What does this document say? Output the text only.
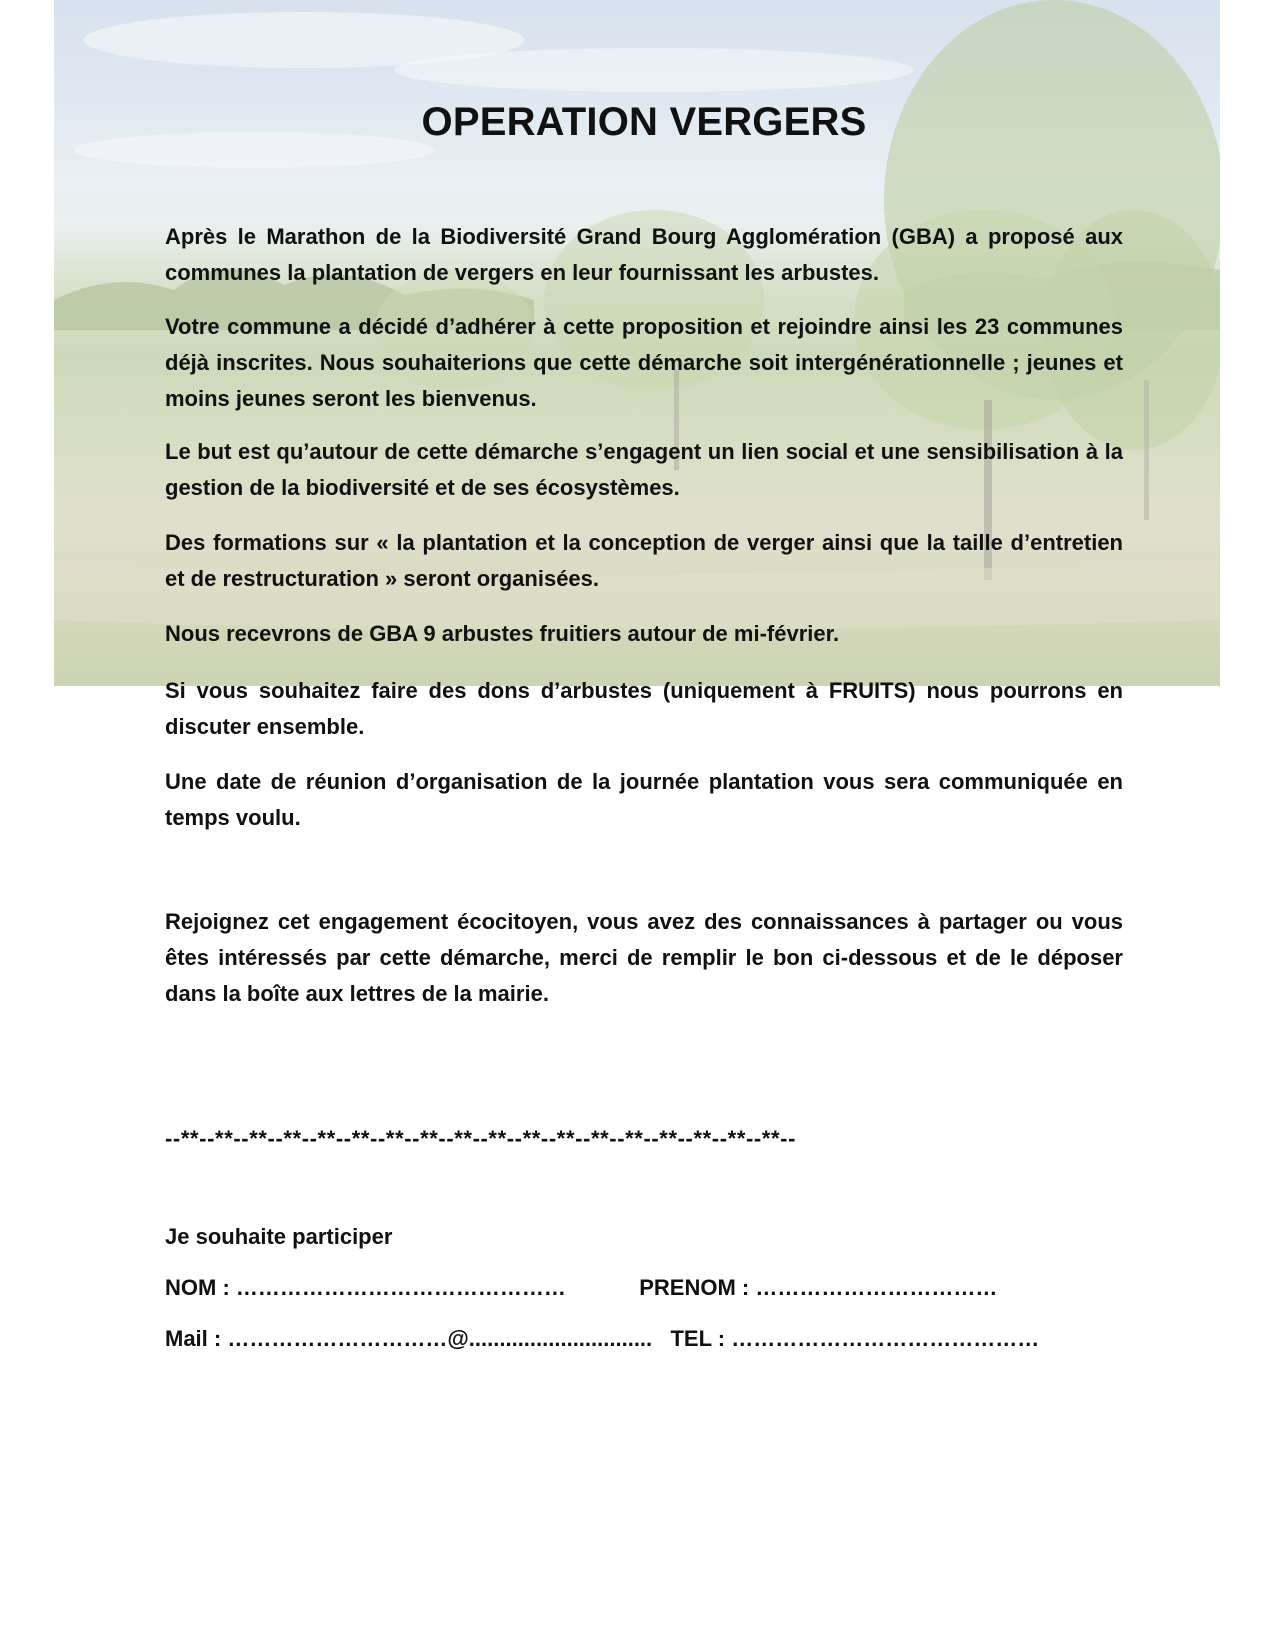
OPERATION VERGERS

Après le Marathon de la Biodiversité Grand Bourg Agglomération (GBA) a proposé aux communes la plantation de vergers en leur fournissant les arbustes.

Votre commune a décidé d’adhérer à cette proposition et rejoindre ainsi les 23 communes déjà inscrites. Nous souhaiterions que cette démarche soit intergénérationnelle ; jeunes et moins jeunes seront les bienvenus.

Le but est qu’autour de cette démarche s’engagent un lien social et une sensibilisation à la gestion de la biodiversité et de ses écosystèmes.

Des formations sur « la plantation et la conception de verger ainsi que la taille d’entretien et de restructuration » seront organisées.

Nous recevrons de GBA 9 arbustes fruitiers autour de mi-février.

Si vous souhaitez faire des dons d’arbustes (uniquement à FRUITS) nous pourrons en discuter ensemble.

Une date de réunion d’organisation de la journée plantation vous sera communiquée en temps voulu.

Rejoignez cet engagement écocitoyen, vous avez des connaissances à partager ou vous êtes intéressés par cette démarche, merci de remplir le bon ci-dessous et de le déposer dans la boîte aux lettres de la mairie.

--**--**--**--**--**--**--**--**--**--**--**--**--**--**--**--**--**--**--

Je souhaite participer

NOM : ………………………………………            PRENOM : ……………………………

Mail : …………………………@..............................   TEL : ……………………………………
